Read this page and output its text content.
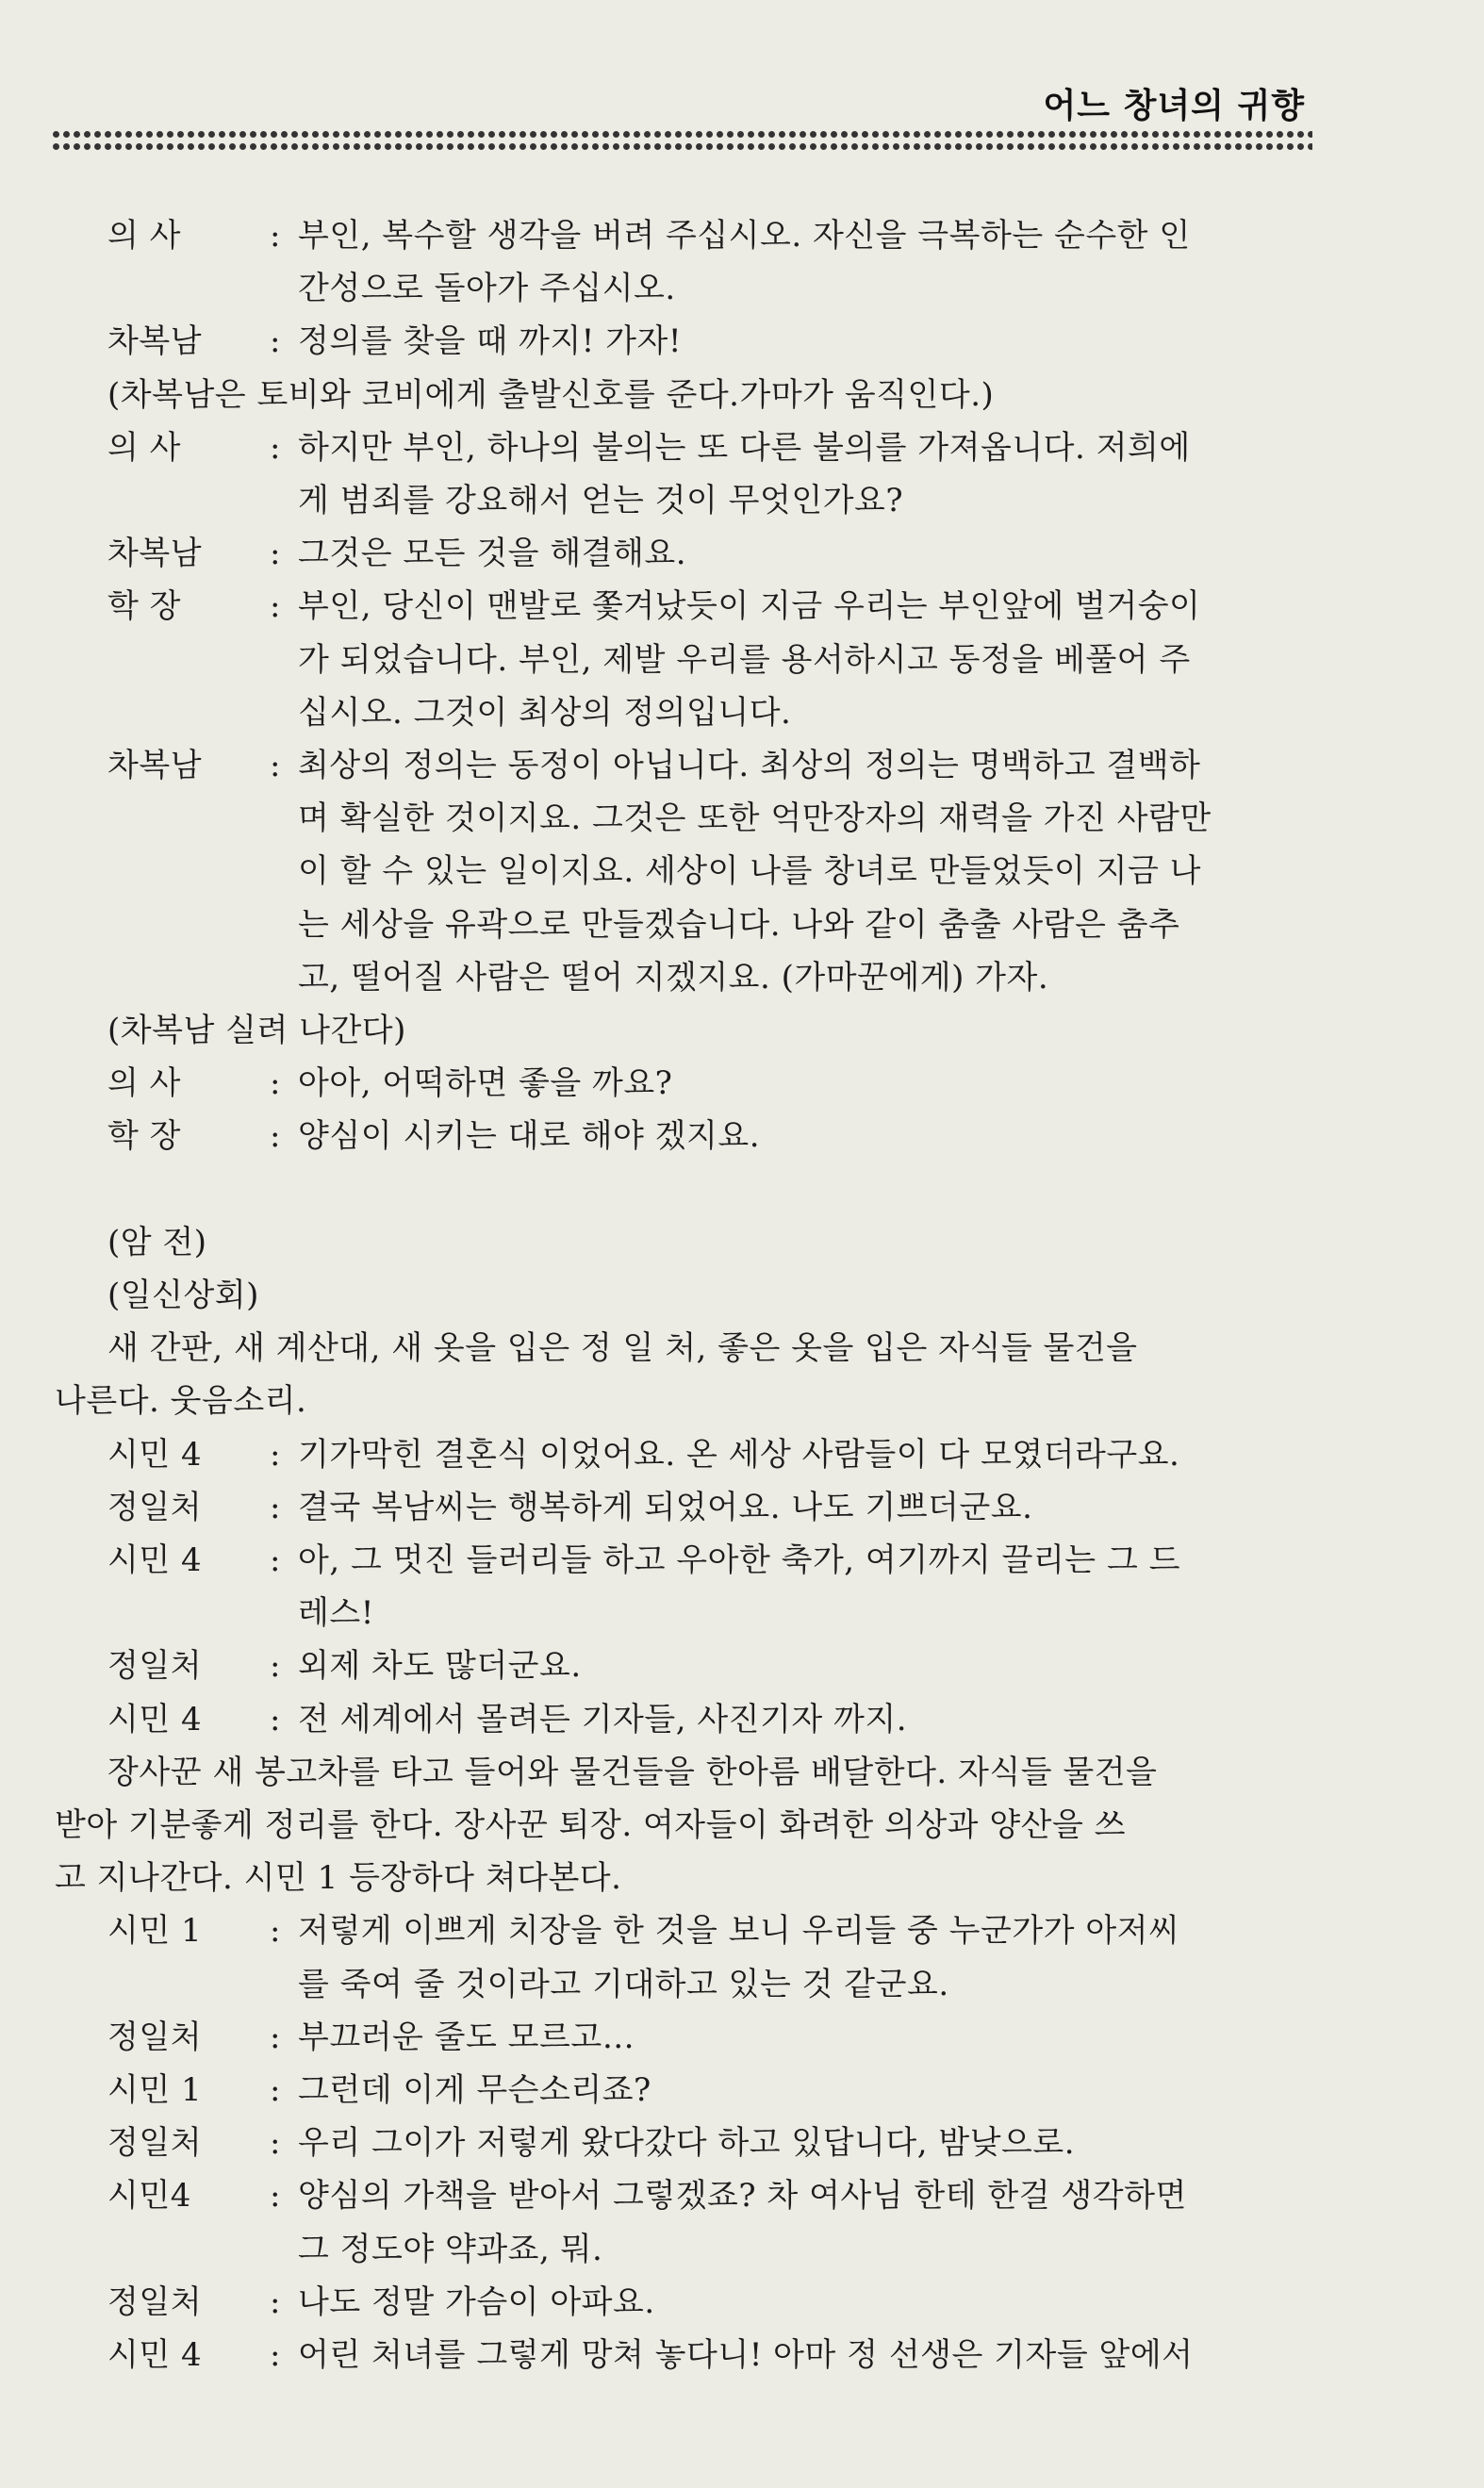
어느 창녀의 귀향
의 사	: 부인, 복수할 생각을 버려 주십시오. 자신을 극복하는 순수한 인
간성으로 돌아가 주십시오.
차복남 : 정의를 찾을 때 까지! 가자!
(차복남은 토비와 코비에게 출발신호를 준다.가마가 움직인다.)
의 사	: 하지만 부인, 하나의 불의는 또 다른 불의를 가져옵니다. 저희에
게 범죄를 강요해서 얻는 것이 무엇인가요?
차복남 : 그것은 모든 것을 해결해요.
학 장	: 부인, 당신이 맨발로 쫓겨났듯이 지금 우리는 부인앞에 벌거숭이
가 되었습니다. 부인, 제발 우리를 용서하시고 동정을 베풀어 주
십시오. 그것이 최상의 정의입니다.
차복남 : 최상의 정의는 동정이 아닙니다. 최상의 정의는 명백하고 결백하
며 확실한 것이지요. 그것은 또한 억만장자의 재력을 가진 사람만
이 할 수 있는 일이지요. 세상이 나를 창녀로 만들었듯이 지금 나
는 세상을 유곽으로 만들겠습니다. 나와 같이 춤출 사람은 춤추
고, 떨어질 사람은 떨어 지겠지요. (가마꾼에게) 가자.
(차복남 실려 나간다)
의 사	: 아아, 어떡하면 좋을 까요?
학 장	: 양심이 시키는 대로 해야 겠지요.
(암 전)
(일신상회)
새 간판, 새 계산대, 새 옷을 입은 정 일 처, 좋은 옷을 입은 자식들 물건을
나른다. 웃음소리.
시민 4 : 기가막힌 결혼식 이었어요. 온 세상 사람들이 다 모였더라구요.
정일처 : 결국 복남씨는 행복하게 되었어요. 나도 기쁘더군요.
시민 4 : 아, 그 멋진 들러리들 하고 우아한 축가, 여기까지 끌리는 그 드
레스!
정일처 : 외제 차도 많더군요.
시민 4 : 전 세계에서 몰려든 기자들, 사진기자 까지.
장사꾼 새 봉고차를 타고 들어와 물건들을 한아름 배달한다. 자식들 물건을
받아 기분좋게 정리를 한다. 장사꾼 퇴장. 여자들이 화려한 의상과 양산을 쓰
고 지나간다. 시민 1 등장하다 쳐다본다.
시민 1 : 저렇게 이쁘게 치장을 한 것을 보니 우리들 중 누군가가 아저씨
를 죽여 줄 것이라고 기대하고 있는 것 같군요.
정일처 : 부끄러운 줄도 모르고…
시민 1 : 그런데 이게 무슨소리죠?
정일처 : 우리 그이가 저렇게 왔다갔다 하고 있답니다, 밤낮으로.
시민4 : 양심의 가책을 받아서 그렇겠죠? 차 여사님 한테 한걸 생각하면
그 정도야 약과죠, 뭐.
정일처 : 나도 정말 가슴이 아파요.
시민 4 : 어린 처녀를 그렇게 망쳐 놓다니! 아마 정 선생은 기자들 앞에서
